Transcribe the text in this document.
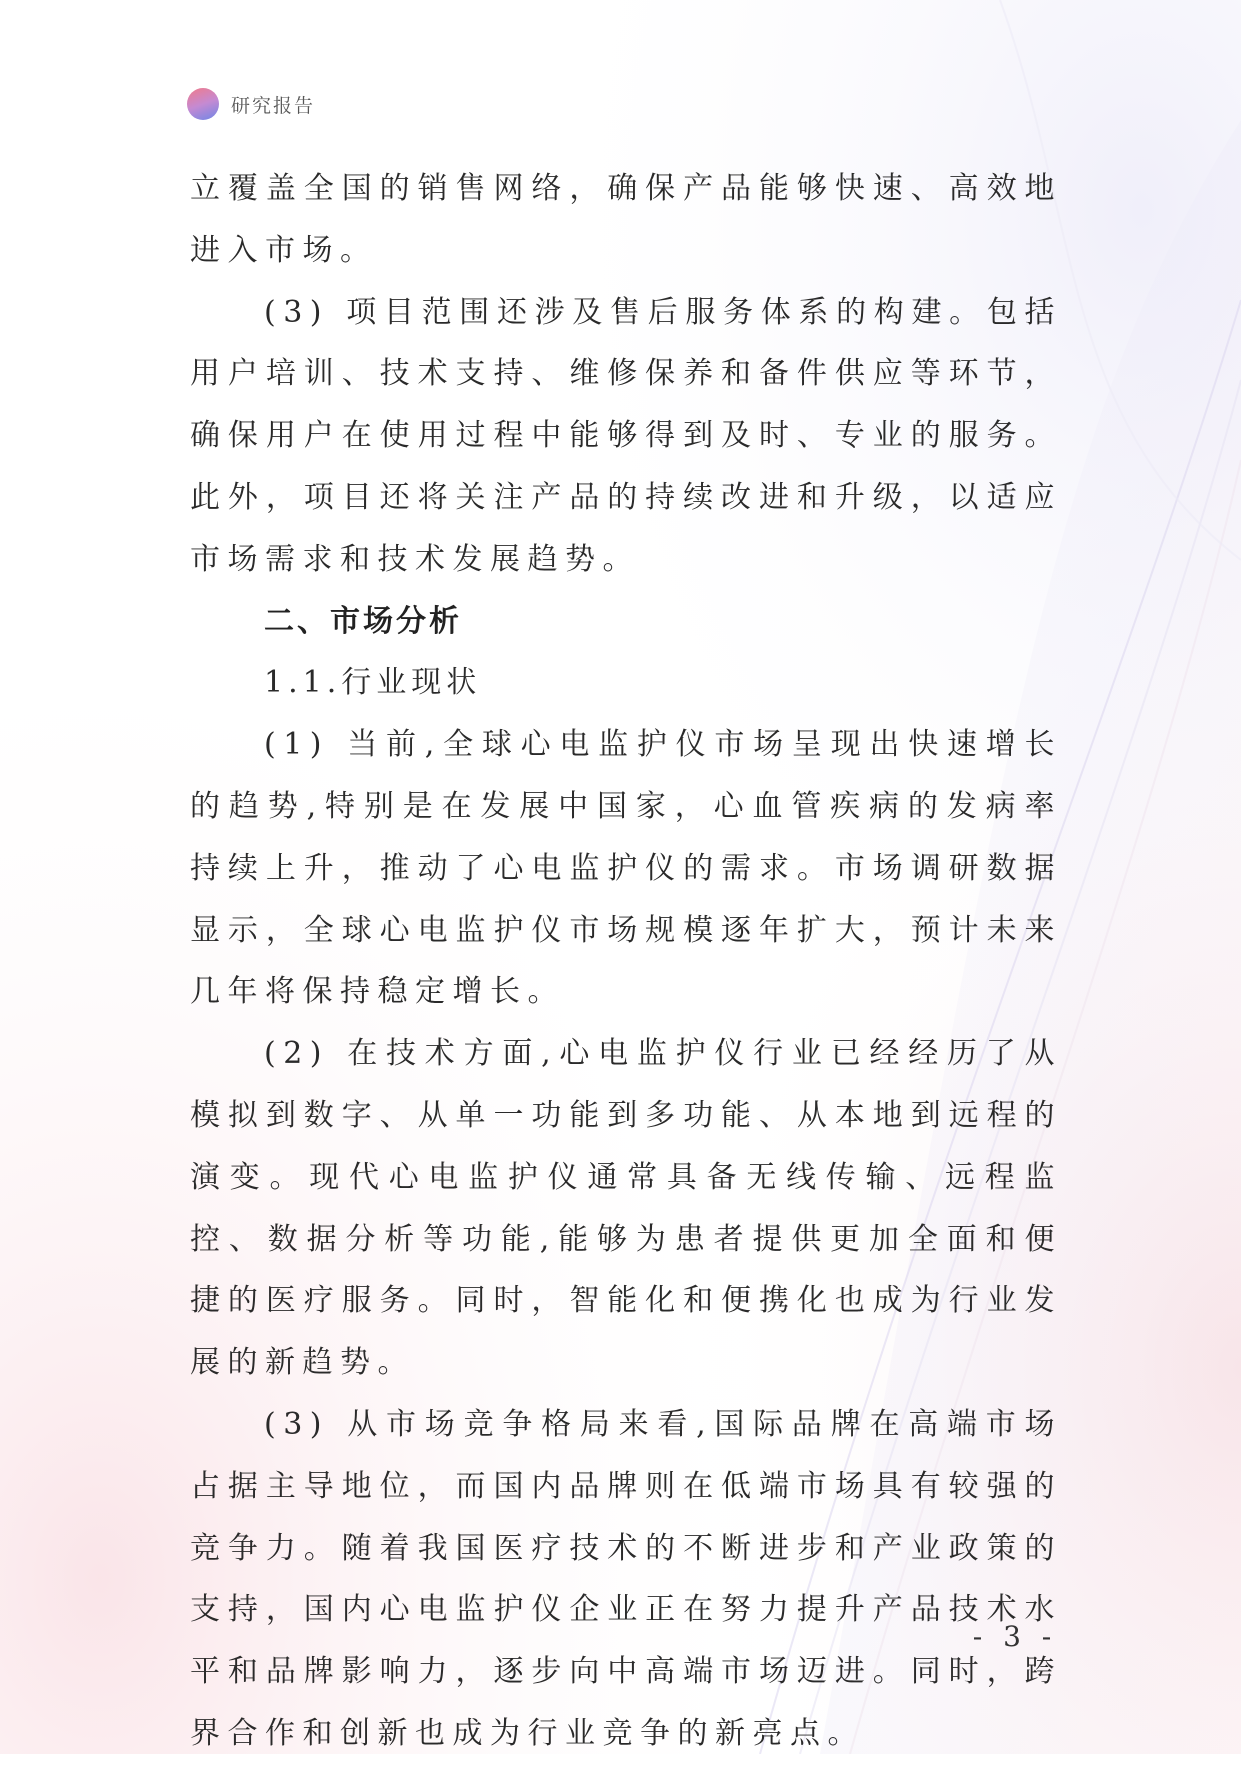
研究报告

立覆盖全国的销售网络，确保产品能够快速、高效地进入市场。

(3) 项目范围还涉及售后服务体系的构建。包括用户培训、技术支持、维修保养和备件供应等环节，确保用户在使用过程中能够得到及时、专业的服务。此外，项目还将关注产品的持续改进和升级，以适应市场需求和技术发展趋势。

二、市场分析

1.1.行业现状

(1) 当前,全球心电监护仪市场呈现出快速增长的趋势,特别是在发展中国家，心血管疾病的发病率持续上升，推动了心电监护仪的需求。市场调研数据显示，全球心电监护仪市场规模逐年扩大，预计未来几年将保持稳定增长。

(2) 在技术方面,心电监护仪行业已经经历了从模拟到数字、从单一功能到多功能、从本地到远程的演变。现代心电监护仪通常具备无线传输、远程监控、数据分析等功能,能够为患者提供更加全面和便捷的医疗服务。同时，智能化和便携化也成为行业发展的新趋势。

(3) 从市场竞争格局来看,国际品牌在高端市场占据主导地位，而国内品牌则在低端市场具有较强的竞争力。随着我国医疗技术的不断进步和产业政策的支持，国内心电监护仪企业正在努力提升产品技术水平和品牌影响力，逐步向中高端市场迈进。同时，跨界合作和创新也成为行业竞争的新亮点。

- 3 -
